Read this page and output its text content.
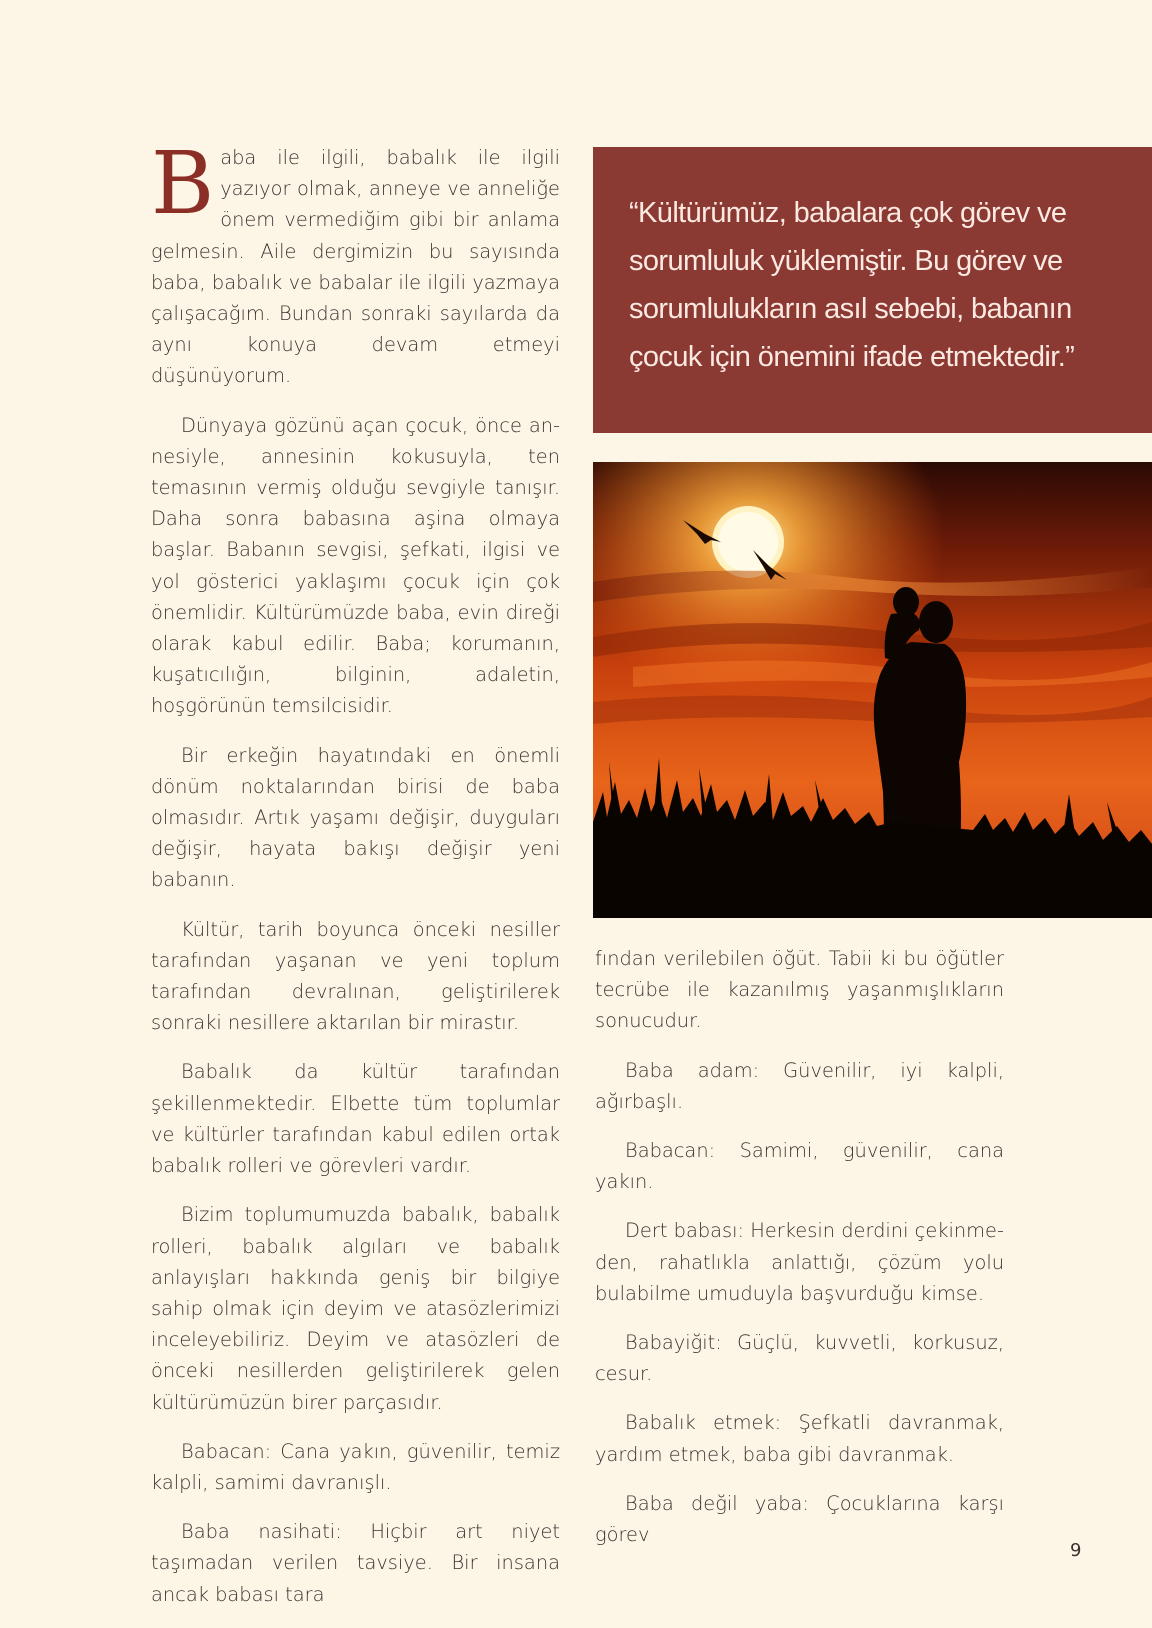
Baba ile ilgili, babalık ile ilgili yazıyor olmak, anneye ve anneliğe önem vermediğim gibi bir anlama gelmesin. Aile dergimizin bu sayısında baba, babalık ve babalar ile ilgili yazmaya çalışacağım. Bundan sonraki sayılarda da aynı konuya devam etmeyi düşünüyorum.

Dünyaya gözünü açan çocuk, önce annesiyle, annesinin kokusuyla, ten temasının vermiş olduğu sevgiyle tanışır. Daha sonra babasına aşina olmaya başlar. Babanın sevgisi, şefkati, ilgisi ve yol gösterici yaklaşımı çocuk için çok önemlidir. Kültürümüzde baba, evin direği olarak kabul edilir. Baba; korumanın, kuşatıcılığın, bilginin, adaletin, hoşgörünün temsilcisidir.

Bir erkeğin hayatındaki en önemli dönüm noktalarından birisi de baba olmasıdır. Artık yaşamı değişir, duyguları değişir, hayata bakışı değişir yeni babanın.

Kültür, tarih boyunca önceki nesiller tarafından yaşanan ve yeni toplum tarafından devralınan, geliştirilerek sonraki nesillere aktarılan bir mirastır.

Babalık da kültür tarafından şekillenmektedir. Elbette tüm toplumlar ve kültürler tarafından kabul edilen ortak babalık rolleri ve görevleri vardır.

Bizim toplumumuzda babalık, babalık rolleri, babalık algıları ve babalık anlayışları hakkında geniş bir bilgiye sahip olmak için deyim ve atasözlerimizi inceleyebiliriz. Deyim ve atasözleri de önceki nesillerden geliştirilerek gelen kültürümüzün birer parçasıdır.

Babacan: Cana yakın, güvenilir, temiz kalpli, samimi davranışlı.

Baba nasihati: Hiçbir art niyet taşımadan verilen tavsiye. Bir insana ancak babası tara

“Kültürümüz, babalara çok görev ve sorumluluk yüklemiştir. Bu görev ve sorumlulukların asıl sebebi, babanın çocuk için önemini ifade etmektedir.”

fından verilebilen öğüt. Tabii ki bu öğütler tecrübe ile kazanılmış yaşanmışlıkların sonucudur.

Baba adam: Güvenilir, iyi kalpli, ağırbaşlı.

Babacan: Samimi, güvenilir, cana yakın.

Dert babası: Herkesin derdini çekinmeden, rahatlıkla anlattığı, çözüm yolu bulabilme umuduyla başvurduğu kimse.

Babayiğit: Güçlü, kuvvetli, korkusuz, cesur.

Babalık etmek: Şefkatli davranmak, yardım etmek, baba gibi davranmak.

Baba değil yaba: Çocuklarına karşı görev

9
